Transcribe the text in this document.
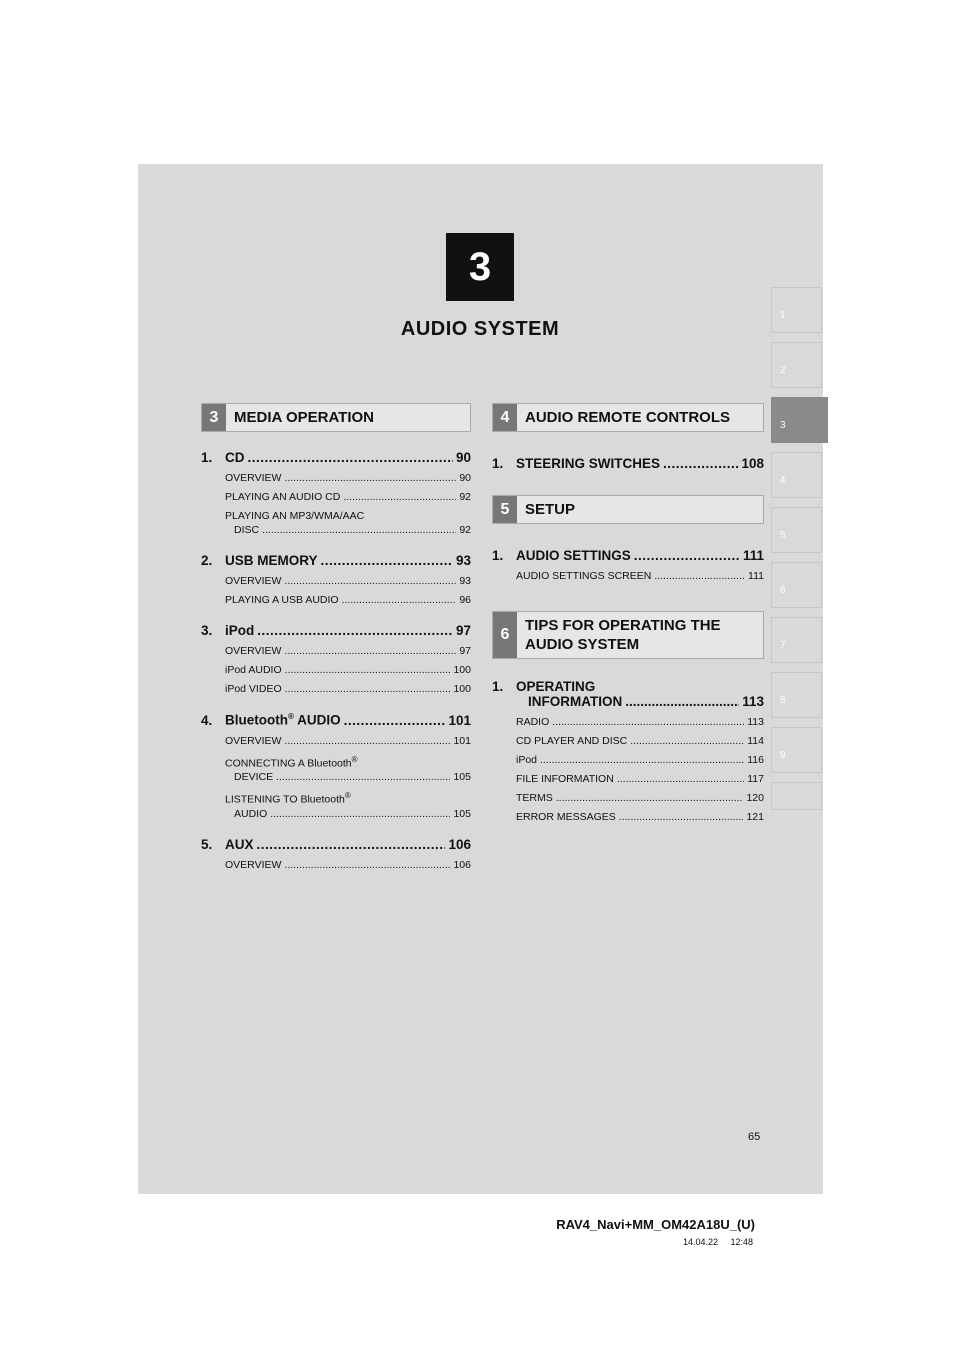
3
AUDIO SYSTEM
1
2
3
4
5
6
7
8
9
3	MEDIA OPERATION
1. CD .....	90
OVERVIEW .....	90
PLAYING AN AUDIO CD .....	92
PLAYING AN MP3/WMA/AAC
DISC .....	92
2. USB MEMORY .....	93
OVERVIEW .....	93
PLAYING A USB AUDIO .....	96
3. iPod .....	97
OVERVIEW .....	97
iPod AUDIO .....	100
iPod VIDEO .....	100
4. Bluetooth® AUDIO .....	101
OVERVIEW .....	101
CONNECTING A Bluetooth®
DEVICE .....	105
LISTENING TO Bluetooth®
AUDIO .....	105
5. AUX .....	106
OVERVIEW .....	106
4	AUDIO REMOTE CONTROLS
1. STEERING SWITCHES .....	108
5	SETUP
1. AUDIO SETTINGS .....	111
AUDIO SETTINGS SCREEN .....	111
6
TIPS FOR OPERATING THE
AUDIO SYSTEM
1. OPERATING
INFORMATION .....	113
RADIO .....	113
CD PLAYER AND DISC .....	114
iPod .....	116
FILE INFORMATION .....	117
TERMS .....	120
ERROR MESSAGES .....	121
65
RAV4_Navi+MM_OM42A18U_(U)
14.04.22     12:48
